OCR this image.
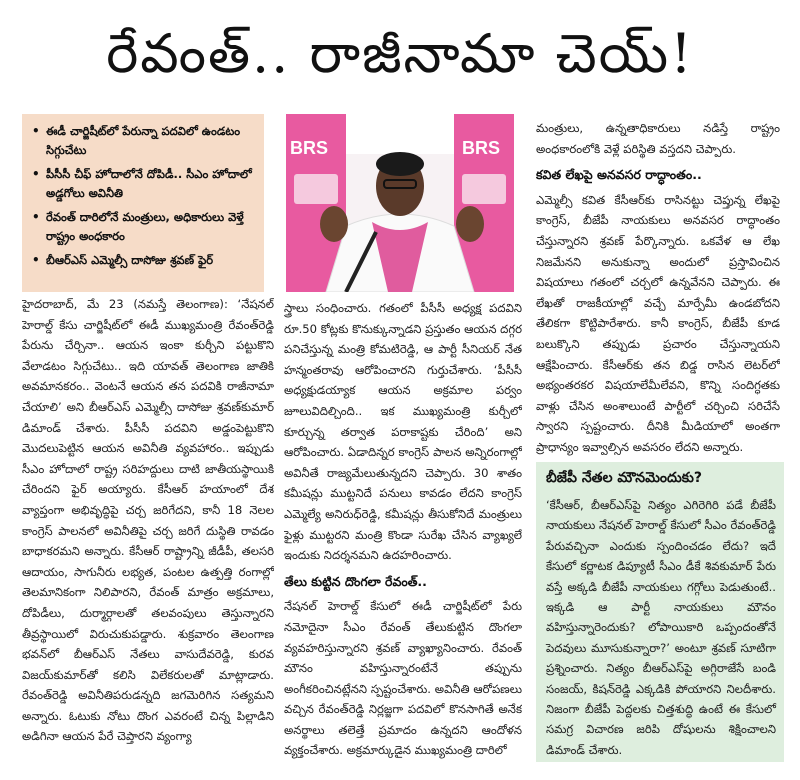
రేవంత్.. రాజీనామా చెయ్!
• ఈడీ చార్జిషీట్‌లో పేరున్నా పదవిలో ఉండటం సిగ్గుచేటు
• పీసీసీ చీఫ్ హోదాలోనే దోపిడీ.. సీఎం హోదాలో అడ్డగోలు అవినీతి
• రేవంత్ దారిలోనే మంత్రులు, అధికారులు వెళ్తే రాష్ట్రం అంధకారం
• బీఆర్‌ఎస్ ఎమ్మెల్సీ దాసోజు శ్రవణ్ ఫైర్
BRS	BRS

హైదరాబాద్, మే 23 (నమస్తే తెలంగాణ): ‘నేషనల్ హెరాల్డ్ కేసు చార్జిషీట్‌లో ఈడీ ముఖ్యమంత్రి రేవంత్‌రెడ్డి పేరును చేర్చినా.. ఆయన ఇంకా కుర్చీని పట్టుకొని వేలాడటం సిగ్గుచేటు.. ఇది యావత్ తెలంగాణ జాతికి అవమానకరం.. వెంటనే ఆయన తన పదవికి రాజీనామా చేయాలి’ అని బీఆర్‌ఎస్ ఎమ్మెల్సీ దాసోజు శ్రవణ్‌కుమార్ డిమాండ్ చేశారు. పీసీసీ పదవిని అడ్డంపెట్టుకొని మొదలుపెట్టిన ఆయన అవినీతి వ్యవహారం.. ఇప్పుడు సీఎం హోదాలో రాష్ట్ర సరిహద్దులు దాటి జాతీయస్థాయికి చేరిందని ఫైర్ అయ్యారు. కేసీఆర్ హయాంలో దేశ వ్యాప్తంగా అభివృద్ధిపై చర్చ జరిగేదని, కానీ 18 నెలల కాంగ్రెస్ పాలనలో అవినీతిపై చర్చ జరిగే దుస్థితి రావడం బాధాకరమని అన్నారు. కేసీఆర్ రాష్ట్రాన్ని జీడీపీ, తలసరి ఆదాయం, సాగునీరు లభ్యత, పంటల ఉత్పత్తి రంగాల్లో తెలమానికంగా నిలిపారని, రేవంత్ మాత్రం అక్రమాలు, దోపిడీలు, దుర్మార్గాలతో తలవంపులు తెస్తున్నారని తీవ్రస్థాయిలో విరుచుకుపడ్డారు. శుక్రవారం తెలంగాణ భవన్‌లో బీఆర్‌ఎస్ నేతలు వాసుదేవరెడ్డి, కురవ విజయ్‌కుమార్‌తో కలిసి విలేకరులతో మాట్లాడారు. రేవంత్‌రెడ్డి అవినీతిపరుడన్నది జగమెరిగిన సత్యమని అన్నారు. ఓటుకు నోటు దొంగ ఎవరంటే చిన్న పిల్లాడిని అడిగినా ఆయన పేరే చెప్తారని వ్యంగ్యా

స్త్రాలు సంధించారు. గతంలో పీసీసీ అధ్యక్ష పదవిని రూ.50 కోట్లకు కొనుక్కున్నాడని ప్రస్తుతం ఆయన దగ్గర పనిచేస్తున్న మంత్రి కోమటిరెడ్డి, ఆ పార్టీ సీనియర్ నేత హన్మంతరావు ఆరోపించారని గుర్తుచేశారు. ‘పీసీసీ అధ్యక్షుడయ్యాక ఆయన అక్రమాల పర్వం జూలువిదిల్చింది.. ఇక ముఖ్యమంత్రి కుర్చీలో కూర్చున్న తర్వాత పరాకాష్టకు చేరింది’ అని ఆరోపించారు. ఏడాదిన్నర కాంగ్రెస్ పాలన అన్నిరంగాల్లో అవినీతే రాజ్యమేలుతున్నదని చెప్పారు. 30 శాతం కమీషన్లు ముట్టనిదే పనులు కావడం లేదని కాంగ్రెస్ ఎమ్మెల్యే అనిరుధ్‌రెడ్డి, కమీషన్లు తీసుకోనిదే మంత్రులు ఫైళ్లు ముట్టరని మంత్రి కొండా సురేఖ చేసిన వ్యాఖ్యలే ఇందుకు నిదర్శనమని ఉదహరించారు.

తేలు కుట్టిన దొంగలా రేవంత్..

నేషనల్ హెరాల్డ్ కేసులో ఈడీ చార్జిషీట్‌లో పేరు నమోదైనా సీఎం రేవంత్ తేలుకుట్టిన దొంగలా వ్యవహరిస్తున్నారని శ్రవణ్ వ్యాఖ్యానించారు. రేవంత్ మౌనం వహిస్తున్నారంటేనే తప్పును అంగీకరించినట్లేనని స్పష్టంచేశారు. అవినీతి ఆరోపణలు వచ్చిన రేవంత్‌రెడ్డి నిర్లజ్జగా పదవిలో కొనసాగితే అనేక అనర్థాలు తలెత్తే ప్రమాదం ఉన్నదని ఆందోళన వ్యక్తంచేశారు. అక్రమార్కుడైన ముఖ్యమంత్రి దారిలో

మంత్రులు, ఉన్నతాధికారులు నడిస్తే రాష్ట్రం అంధకారంలోకి వెళ్లే పరిస్థితి వస్తదని చెప్పారు.

కవిత లేఖపై అనవసర రాద్ధాంతం..

ఎమ్మెల్సీ కవిత కేసీఆర్‌కు రాసినట్టు చెప్తున్న లేఖపై కాంగ్రెస్, బీజేపీ నాయకులు అనవసర రాద్ధాంతం చేస్తున్నారని శ్రవణ్ పేర్కొన్నారు. ఒకవేళ ఆ లేఖ నిజమేనని అనుకున్నా అందులో ప్రస్తావించిన విషయాలు గతంలో చర్చలో ఉన్నవేనని చెప్పారు. ఈ లేఖతో రాజకీయాల్లో వచ్చే మార్పేమీ ఉండబోదని తేలికగా కొట్టిపారేశారు. కానీ కాంగ్రెస్, బీజేపీ కూడ బలుక్కొని తప్పుడు ప్రచారం చేస్తున్నాయని ఆక్షేపించారు. కేసీఆర్‌కు తన బిడ్డ రాసిన లెటర్‌లో అభ్యంతరకర విషయాలేమీలేవని, కొన్ని సందిగ్ధతకు వాళ్లు చేసిన అంశాలుంటే పార్టీలో చర్చించి సరిచేసే స్వారని స్పష్టంచారు. దీనికి మీడియాలో అంతగా ప్రాధాన్యం ఇవ్వాల్సిన అవసరం లేదని అన్నారు.

బీజేపీ నేతల మౌనమెందుకు?
‘కేసీఆర్, బీఆర్‌ఎస్‌పై నిత్యం ఎగిరెగిరి పడే బీజేపీ నాయకులు నేషనల్ హెరాల్డ్ కేసులో సీఎం రేవంత్‌రెడ్డి పేరువచ్చినా ఎందుకు స్పందించడం లేదు? ఇదే కేసులో కర్ణాటక డిప్యూటీ సీఎం డీకే శివకుమార్ పేరు వస్తే అక్కడి బీజేపీ నాయకులు గగ్గోలు పెడుతుంటే.. ఇక్కడి ఆ పార్టీ నాయకులు మౌనం వహిస్తున్నారెందుకు? లోపాయికారి ఒప్పందంతోనే పెదవులు మూసుకున్నారా?’ అంటూ శ్రవణ్ సూటిగా ప్రశ్నించారు. నిత్యం బీఆర్‌ఎస్‌పై అగ్గిరాజేసే బండి సంజయ్, కిషన్‌రెడ్డి ఎక్కడికి పోయారని నిలదీశారు. నిజంగా బీజేపీ పెద్దలకు చిత్తశుద్ధి ఉంటే ఈ కేసులో సమగ్ర విచారణ జరిపి దోషులను శిక్షించాలని డిమాండ్ చేశారు.
